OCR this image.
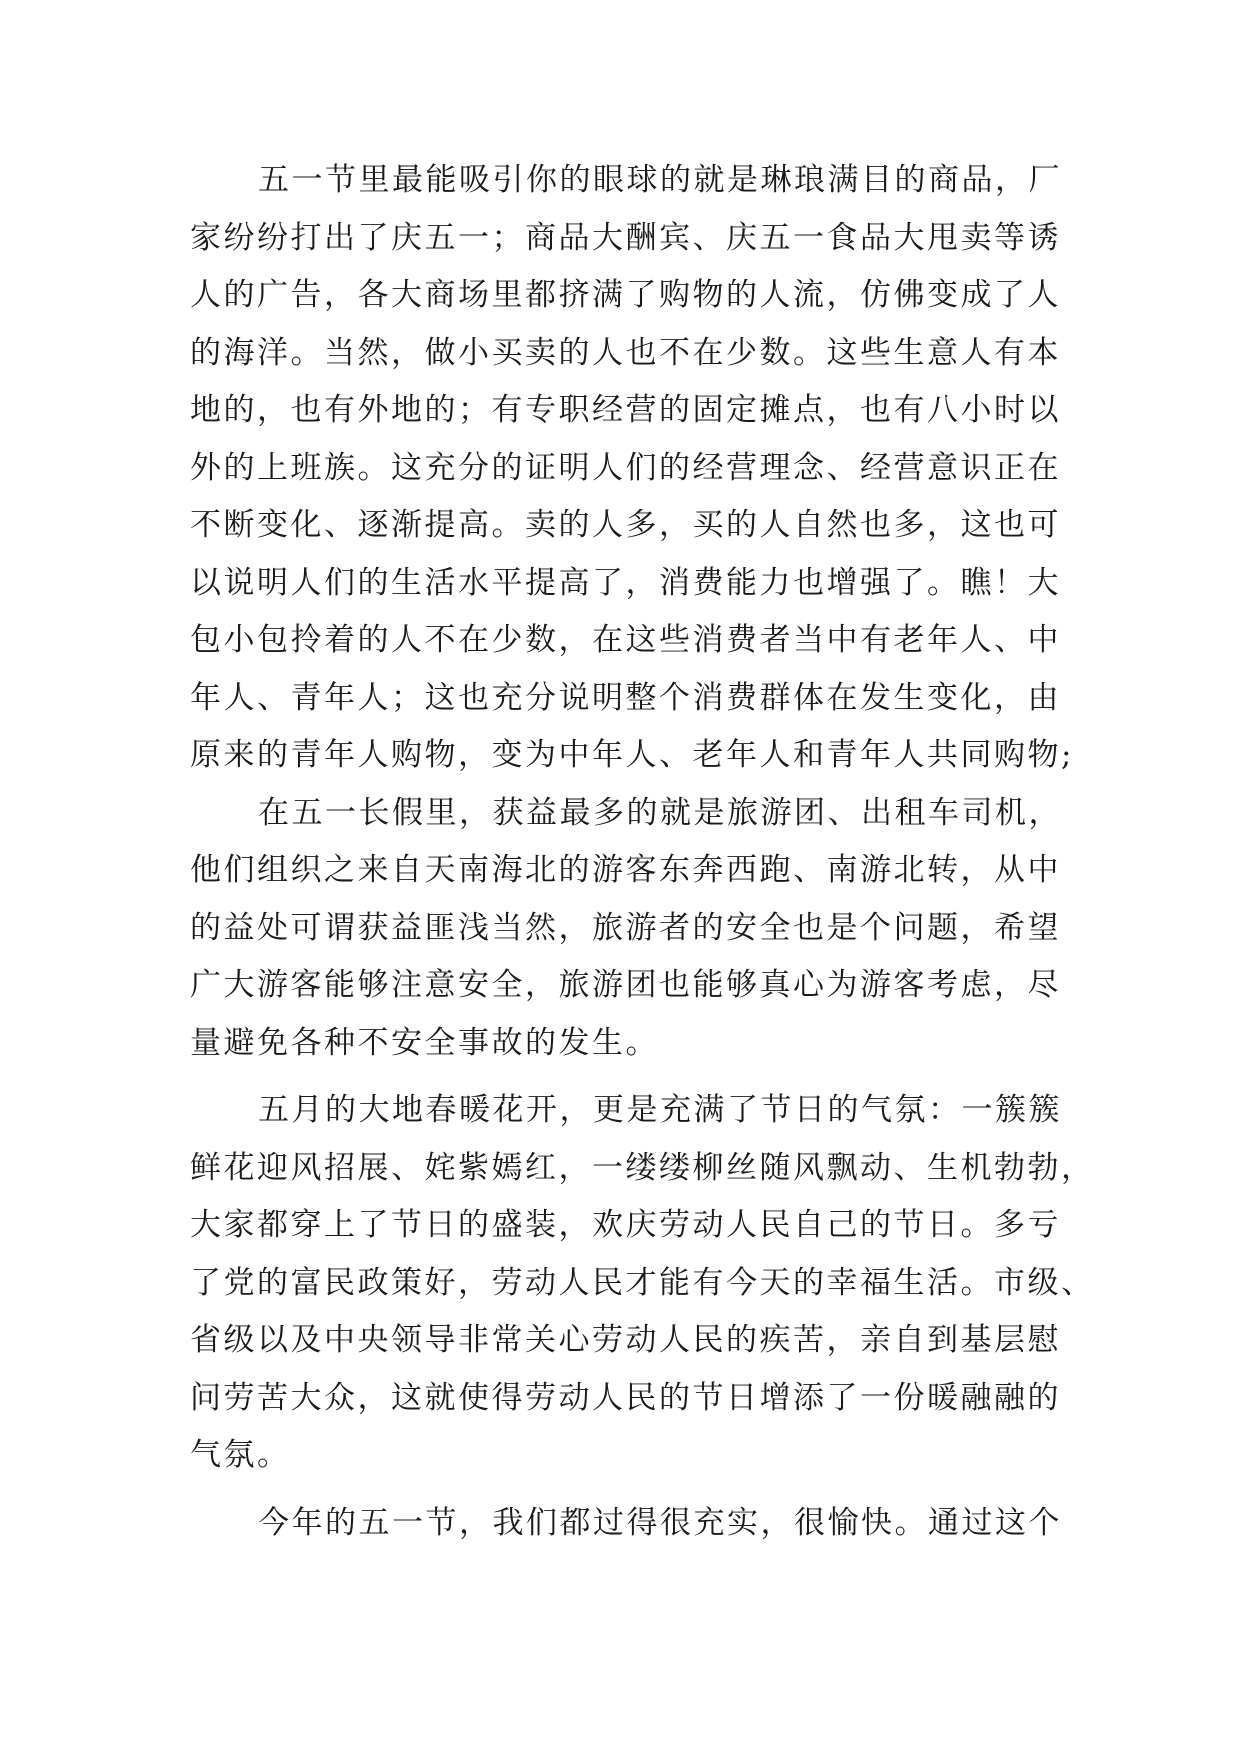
五一节里最能吸引你的眼球的就是琳琅满目的商品，厂
家纷纷打出了庆五一；商品大酬宾、庆五一食品大甩卖等诱
人的广告，各大商场里都挤满了购物的人流，仿佛变成了人
的海洋。当然，做小买卖的人也不在少数。这些生意人有本
地的，也有外地的；有专职经营的固定摊点，也有八小时以
外的上班族。这充分的证明人们的经营理念、经营意识正在
不断变化、逐渐提高。卖的人多，买的人自然也多，这也可
以说明人们的生活水平提高了，消费能力也增强了。瞧！大
包小包拎着的人不在少数，在这些消费者当中有老年人、中
年人、青年人；这也充分说明整个消费群体在发生变化，由
原来的青年人购物，变为中年人、老年人和青年人共同购物;
在五一长假里，获益最多的就是旅游团、出租车司机，
他们组织之来自天南海北的游客东奔西跑、南游北转，从中
的益处可谓获益匪浅当然，旅游者的安全也是个问题，希望
广大游客能够注意安全，旅游团也能够真心为游客考虑，尽
量避免各种不安全事故的发生。
五月的大地春暖花开，更是充满了节日的气氛：一簇簇
鲜花迎风招展、姹紫嫣红，一缕缕柳丝随风飘动、生机勃勃，
大家都穿上了节日的盛装，欢庆劳动人民自己的节日。多亏
了党的富民政策好，劳动人民才能有今天的幸福生活。市级、
省级以及中央领导非常关心劳动人民的疾苦，亲自到基层慰
问劳苦大众，这就使得劳动人民的节日增添了一份暖融融的
气氛。
今年的五一节，我们都过得很充实，很愉快。通过这个
